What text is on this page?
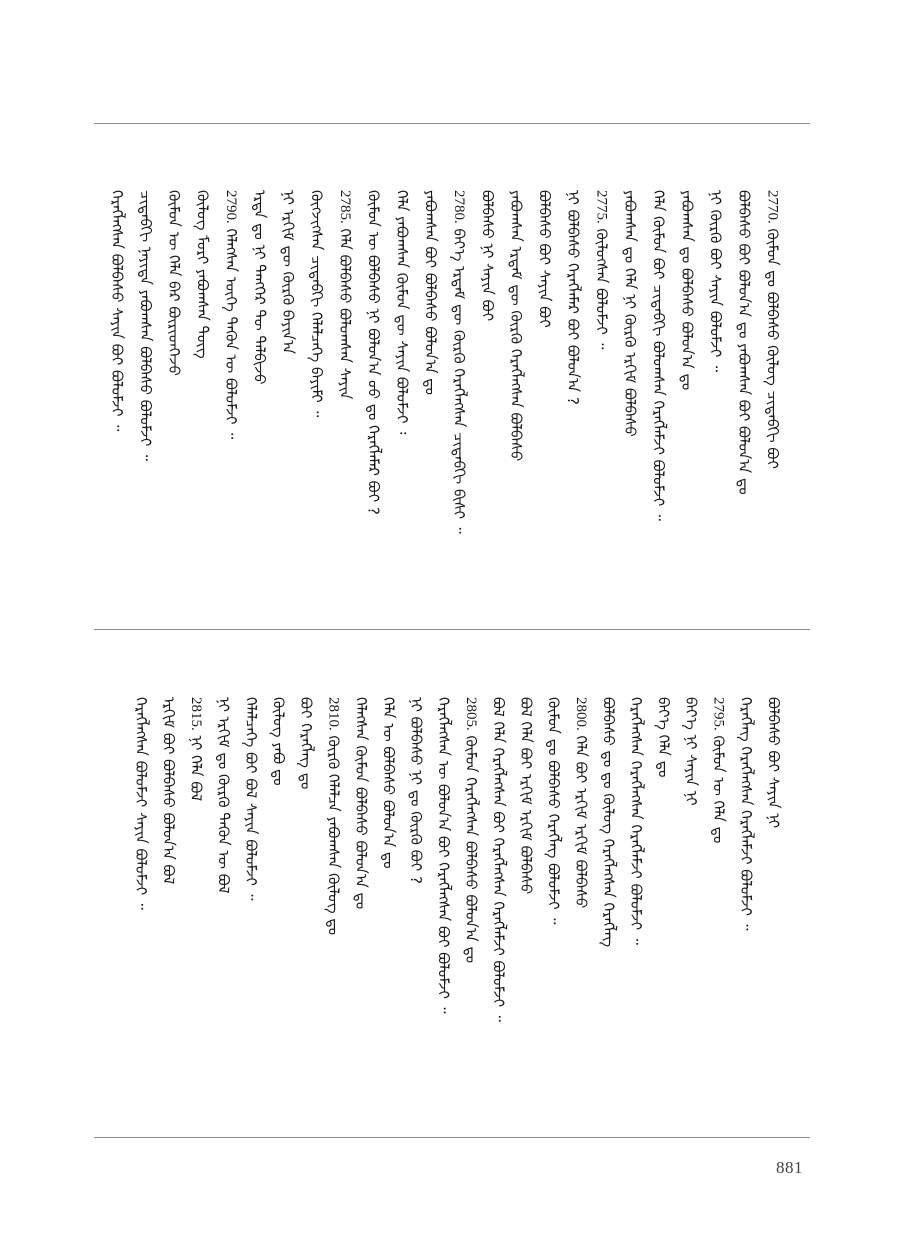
ᠬᠡᠷᠡᠭᠯᠡᠭᠰᠡᠨ ᠪᠣᠯᠪᠠᠰᠤ ᠰᠠᠶᠢᠨ ᠪᠤᠢ ᠪᠣᠯᠤᠮᠵᠢ ᠃ ᠴᠢᠳᠠᠪᠬᠢ ᠨᠡᠶᠢᠲᠡ ᠶᠠᠪᠤᠭᠰᠠᠨ ᠪᠣᠯᠪᠠᠰᠤ ᠪᠣᠯᠤᠮᠵᠢ ᠃ ᠬᠦᠮᠦᠨ ᠦ ᠬᠡᠯᠡ ᠪᠡᠷ ᠪᠦᠷᠢᠳᠬᠡᠵᠦ ᠬᠦᠯᠦᠭ ᠮᠣᠷᠢ ᠶᠠᠪᠤᠭᠰᠠᠨ ᠲᠦᠭ 2790. ᠬᠡᠯᠡᠭᠰᠡᠨ ᠦᠭᠡ ᠲᠡᠭᠦᠨ ᠦ ᠪᠣᠯᠤᠮᠵᠢ ᠃ ᠡᠷᠲᠡ ᠳᠤ ᠨᠢ ᠲᠡᠩᠭᠡᠷ ᠲᠦ ᠲᠠᠯᠪᠢᠵᠤ ᠨᠢ ᠡᠷᠬᠢᠮ ᠳᠦ ᠬᠦᠷᠬᠦ ᠪᠠᠶᠢᠨ᠎ᠠ ᠬᠦᠭᠵᠢᠭᠰᠡᠨ ᠴᠢᠳᠠᠪᠬᠢ ᠬᠡᠯᠡᠯᠴᠡᠭᠡ ᠪᠠᠶᠢᠮᠢ ᠃ 2785. ᠬᠡᠯᠡ ᠪᠣᠯᠪᠠᠰᠤ ᠪᠣᠯᠤᠭᠰᠠᠨ ᠰᠠᠶᠢᠨ ᠬᠦᠮᠦᠨ ᠦ ᠪᠣᠯᠪᠠᠰᠤ ᠨᠢ ᠪᠣᠯᠤᠨ᠎ᠠ ᠦᠦ ᠳᠤ ᠬᠡᠷᠡᠭᠯᠡᠮᠡᠷ ᠪᠣᠢ ? ᠬᠡᠯᠡ ᠶᠠᠪᠤᠭᠰᠠᠨ ᠬᠦᠮᠦᠨ ᠳᠦ ᠰᠠᠶᠢᠨ ᠪᠣᠯᠤᠮᠵᠢ ᠄ ᠶᠠᠪᠤᠭᠰᠠᠨ ᠪᠤᠢ ᠪᠣᠯᠪᠠᠰᠤ ᠪᠣᠯᠤᠨ᠎ᠠ ᠳᠤ 2780. ᠪᠡᠶ᠎ᠡ ᠡᠷᠳᠡᠮ ᠳᠦ ᠬᠦᠷᠬᠦ ᠬᠡᠷᠡᠭᠯᠡᠭᠰᠡᠨ ᠴᠢᠳᠠᠪᠬᠢ ᠪᠢᠰᠢ ᠃ ᠪᠣᠯᠪᠠᠰᠤ ᠨᠢ ᠰᠠᠶᠢᠨ ᠪᠣᠢ ᠶᠠᠪᠤᠭᠰᠠᠨ ᠡᠷᠳᠡᠮ ᠳᠦ ᠬᠦᠷᠬᠦ ᠬᠡᠷᠡᠭᠯᠡᠭᠰᠡᠨ ᠪᠣᠯᠪᠠᠰᠤ ᠪᠣᠯᠪᠠᠰᠤ ᠪᠤᠢ ᠰᠠᠶᠢᠨ ᠪᠣᠢ ᠨᠢ ᠪᠣᠯᠪᠠᠰᠤ ᠬᠡᠷᠡᠭᠯᠡᠮᠡᠷ ᠪᠤᠢ ᠪᠣᠯᠤᠨ᠎ᠠ ? 2775. ᠬᠦᠯᠦᠭᠰᠡᠨ ᠪᠣᠯᠤᠮᠵᠢ ᠃ ᠶᠠᠪᠤᠭᠰᠠᠨ ᠳᠤ ᠬᠡᠯᠡ ᠨᠢ ᠬᠦᠷᠬᠦ ᠡᠷᠬᠢᠮ ᠪᠣᠯᠪᠠᠰᠤ ᠬᠡᠯᠡ ᠬᠦᠮᠦᠨ ᠪᠤᠢ ᠴᠢᠳᠠᠪᠬᠢ ᠪᠣᠯᠤᠭᠰᠠᠨ ᠬᠡᠷᠡᠭᠯᠡᠮᠵᠢ ᠪᠣᠯᠤᠮᠵᠢ ᠃ ᠶᠠᠪᠤᠭᠰᠠᠨ ᠳᠤ ᠪᠣᠯᠪᠠᠰᠤ ᠪᠣᠯᠤᠨ᠎ᠠ ᠳᠤ ᠨᠢ ᠬᠦᠷᠬᠦ ᠪᠤᠢ ᠰᠠᠶᠢᠨ ᠪᠣᠯᠤᠮᠵᠢ ᠃ ᠪᠣᠯᠪᠠᠰᠤ ᠪᠤᠢ ᠪᠣᠯᠤᠨ᠎ᠠ ᠳᠤ ᠶᠠᠪᠤᠭᠰᠠᠨ ᠪᠤᠢ ᠪᠣᠯᠤᠨ᠎ᠠ ᠳᠤ 2770. ᠬᠦᠮᠦᠨ ᠳᠤ ᠪᠣᠯᠪᠠᠰᠤ ᠬᠦᠯᠦᠭ ᠴᠢᠳᠠᠪᠬᠢ ᠪᠤᠢ
ᠬᠡᠷᠡᠭᠯᠡᠭᠰᠡᠨ ᠪᠣᠯᠤᠮᠵᠢ ᠰᠠᠶᠢᠨ ᠪᠣᠯᠤᠮᠵᠢ ᠃ ᠡᠷᠬᠢᠮ ᠪᠤᠢ ᠪᠣᠯᠪᠠᠰᠤ ᠪᠣᠯᠤᠨ᠎ᠠ ᠪᠣᠯ 2815. ᠨᠢ ᠬᠡᠯᠡ ᠪᠣᠯ ᠨᠢ ᠡᠷᠬᠢᠮ ᠳᠤ ᠬᠦᠷᠬᠦ ᠲᠡᠭᠦᠨ ᠦ ᠪᠣᠯ ᠬᠡᠯᠡᠯᠴᠡᠭᠡ ᠪᠤᠢ ᠪᠣᠯ ᠰᠠᠶᠢᠨ ᠪᠣᠯᠤᠮᠵᠢ ᠃ ᠬᠦᠯᠦᠭ ᠶᠠᠪᠤ ᠳᠤ ᠪᠤᠢ ᠬᠡᠷᠡᠭᠯᠡᠭ ᠳᠤ 2810. ᠬᠦᠷᠬᠦ ᠬᠡᠯᠡᠯᠴᠡ ᠶᠠᠪᠤᠭᠰᠠᠨ ᠬᠦᠯᠦᠭ ᠳᠤ ᠬᠡᠯᠡᠭᠰᠡᠨ ᠬᠦᠮᠦᠨ ᠪᠣᠯᠪᠠᠰᠤ ᠪᠣᠯᠤᠨ᠎ᠠ ᠳᠤ ᠬᠡᠯᠡ ᠦ ᠪᠣᠯᠪᠠᠰᠤ ᠪᠣᠯᠤᠨ᠎ᠠ ᠳᠤ ᠨᠢ ᠪᠣᠯᠪᠠᠰᠤ ᠨᠢ ᠳᠤ ᠬᠦᠷᠬᠦ ᠪᠣᠢ ? ᠬᠡᠷᠡᠭᠯᠡᠭᠰᠡᠨ ᠦ ᠪᠣᠯᠤᠨ᠎ᠠ ᠪᠤᠢ ᠬᠡᠷᠡᠭᠯᠡᠭᠰᠡᠨ ᠪᠤᠢ ᠪᠣᠯᠤᠮᠵᠢ ᠃ 2805. ᠬᠦᠮᠦᠨ ᠬᠡᠷᠡᠭᠯᠡᠭᠰᠡᠨ ᠪᠣᠯᠪᠠᠰᠤ ᠪᠣᠯᠤᠨ᠎ᠠ ᠳᠤ ᠪᠣᠯ ᠬᠡᠯᠡ ᠬᠡᠷᠡᠭᠯᠡᠭᠰᠡᠨ ᠪᠤᠢ ᠬᠡᠷᠡᠭᠯᠡᠭᠰᠡᠨ ᠬᠡᠷᠡᠭᠯᠡᠮᠵᠢ ᠪᠣᠯᠤᠮᠵᠢ ᠃ ᠪᠣᠯ ᠬᠡᠯᠡ ᠪᠤᠢ ᠡᠷᠬᠢᠮ ᠡᠷᠬᠢᠮ ᠪᠣᠯᠪᠠᠰᠤ ᠬᠦᠮᠦᠨ ᠳᠤ ᠪᠣᠯᠪᠠᠰᠤ ᠬᠡᠷᠡᠭᠯᠡᠭ ᠪᠣᠯᠤᠮᠵᠢ ᠃ 2800. ᠬᠡᠯᠡ ᠪᠤᠢ ᠡᠷᠬᠢᠮ ᠡᠷᠬᠢᠮ ᠪᠣᠯᠪᠠᠰᠤ ᠪᠣᠯᠪᠠᠰᠤ ᠳᠤ ᠳᠤ ᠬᠦᠯᠦᠭ ᠬᠡᠷᠡᠭᠯᠡᠭᠰᠡᠨ ᠬᠡᠷᠡᠭᠯᠡᠭ ᠬᠡᠷᠡᠭᠯᠡᠭᠰᠡᠨ ᠬᠡᠷᠡᠭᠯᠡᠭᠰᠡᠨ ᠬᠡᠷᠡᠭᠯᠡᠮᠵᠢ ᠪᠣᠯᠤᠮᠵᠢ ᠃ ᠪᠡᠶ᠎ᠡ ᠬᠡᠯᠡ ᠳᠤ ᠪᠡᠶ᠎ᠡ ᠨᠢ ᠰᠠᠶᠢᠨ ᠨᠢ 2795. ᠬᠦᠮᠦᠨ ᠦ ᠬᠡᠯᠡ ᠳᠤ ᠬᠡᠷᠡᠭᠯᠡᠭ ᠬᠡᠷᠡᠭᠯᠡᠭᠰᠡᠨ ᠬᠡᠷᠡᠭᠯᠡᠮᠵᠢ ᠪᠣᠯᠤᠮᠵᠢ ᠃ ᠪᠣᠯᠪᠠᠰᠤ ᠪᠤᠢ ᠰᠠᠶᠢᠨ ᠨᠢ
881
